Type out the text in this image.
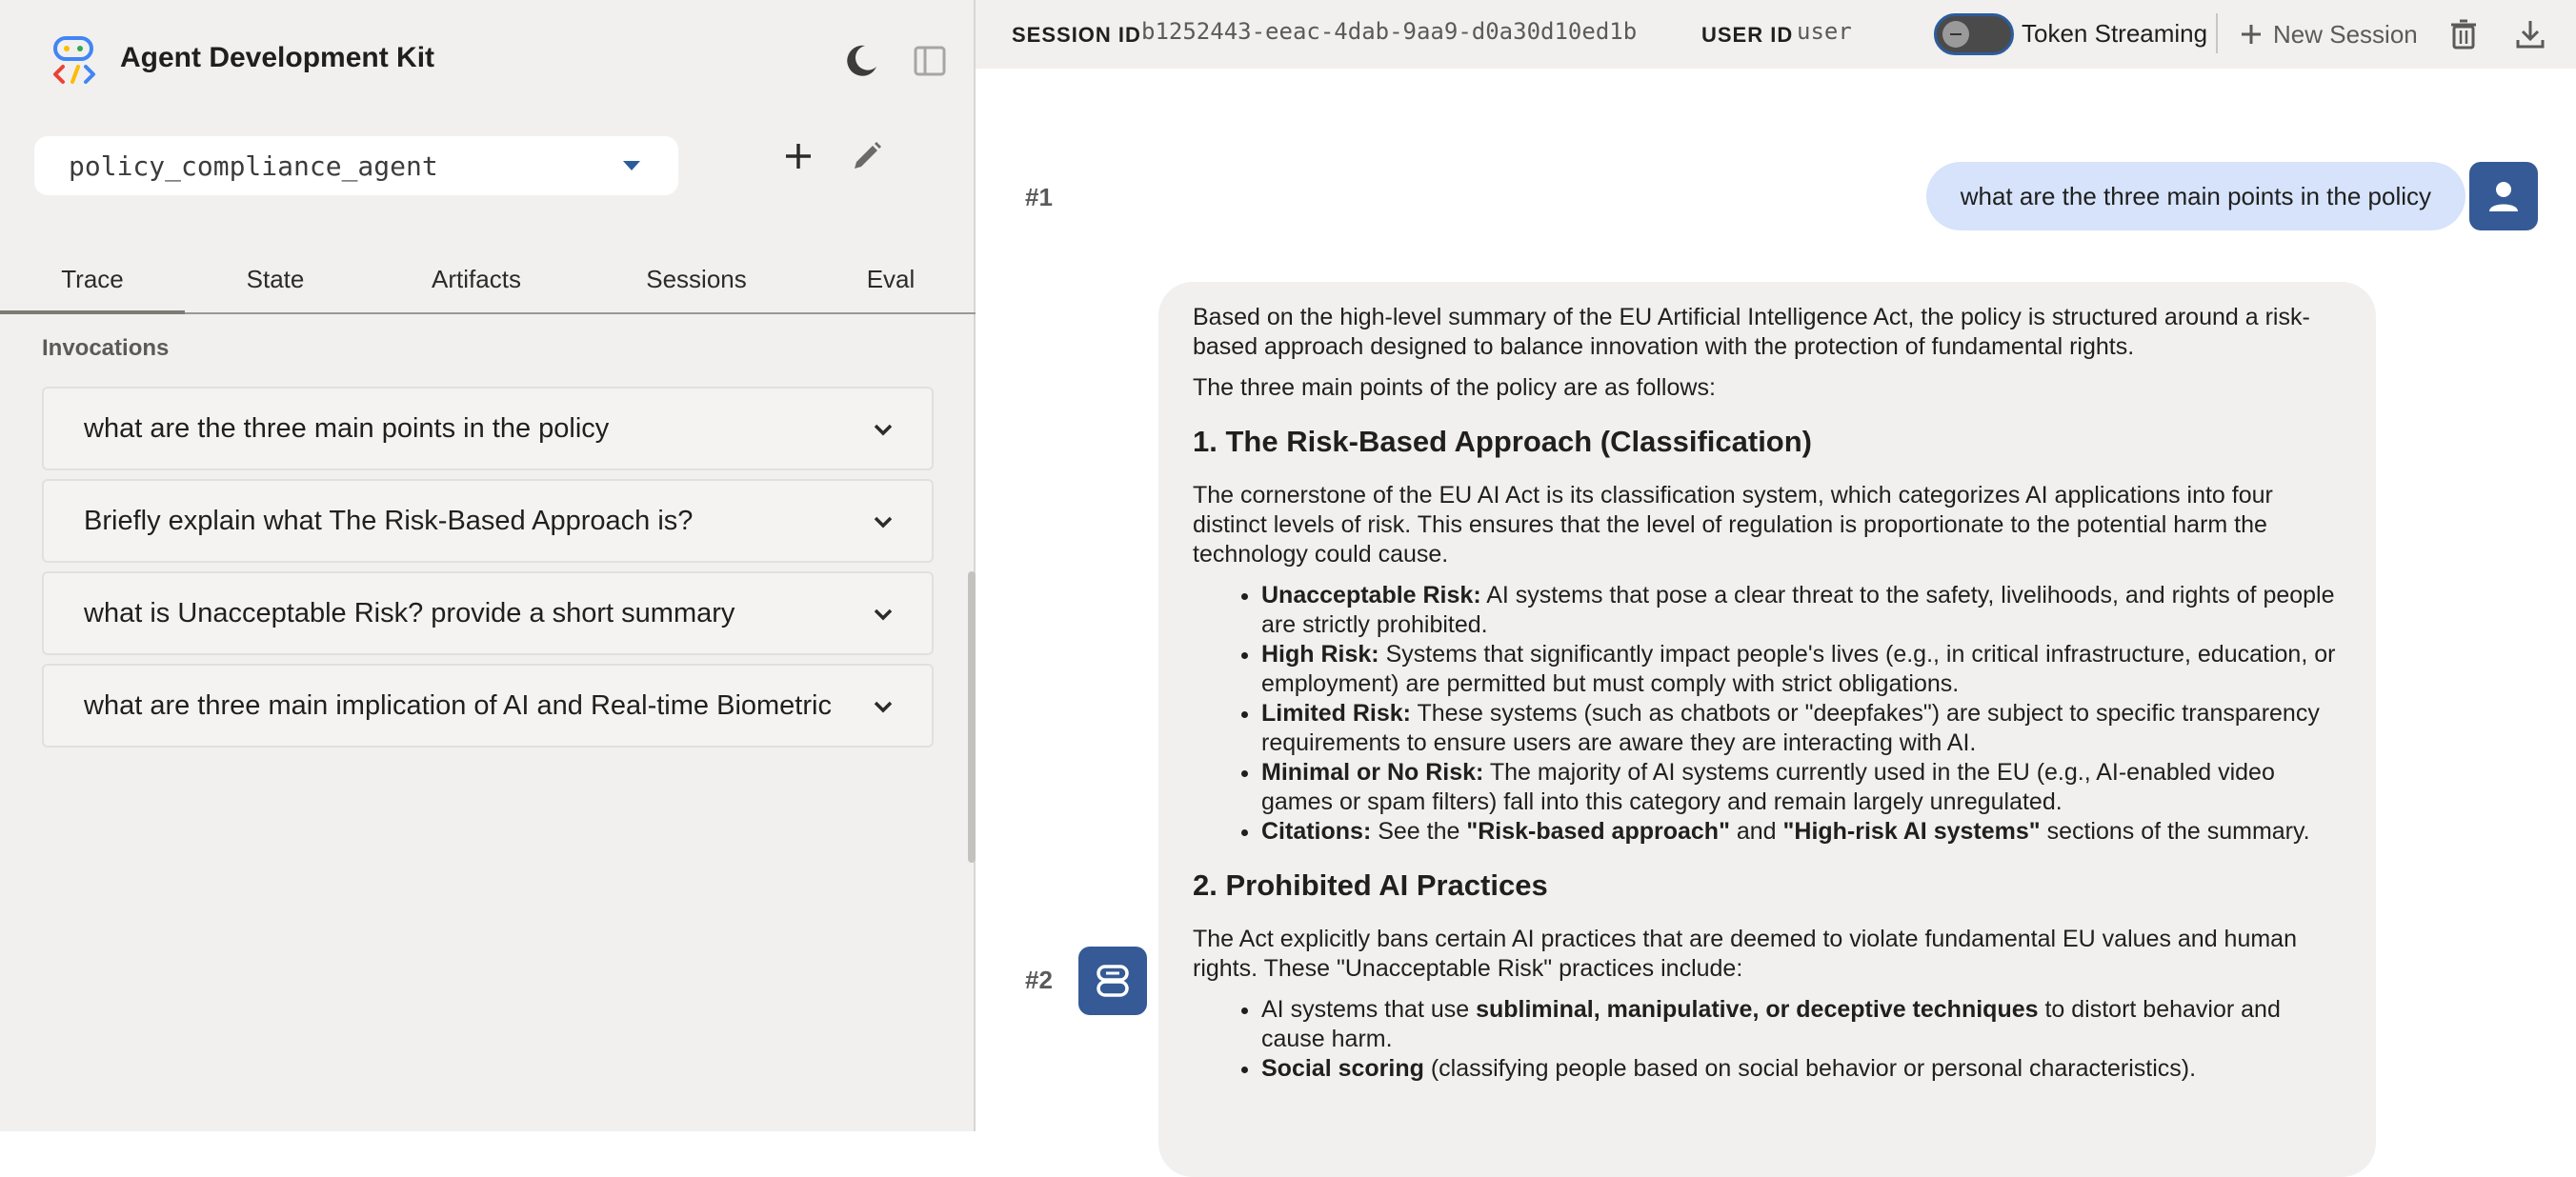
Agent Development Kit
policy_compliance_agent
Trace	State	Artifacts	Sessions	Eval
Invocations
what are the three main points in the policy
Briefly explain what The Risk-Based Approach is?
what is Unacceptable Risk? provide a short summary
what are three main implication of AI and Real-time Biometric
SESSION ID b1252443-eeac-4dab-9aa9-d0a30d10ed1b	USER ID user	Token Streaming	New Session
#1	what are the three main points in the policy

Based on the high-level summary of the EU Artificial Intelligence Act, the policy is structured around a risk-based approach designed to balance innovation with the protection of fundamental rights.

The three main points of the policy are as follows:

1. The Risk-Based Approach (Classification)

The cornerstone of the EU AI Act is its classification system, which categorizes AI applications into four distinct levels of risk. This ensures that the level of regulation is proportionate to the potential harm the technology could cause.

• Unacceptable Risk: AI systems that pose a clear threat to the safety, livelihoods, and rights of people are strictly prohibited.
• High Risk: Systems that significantly impact people's lives (e.g., in critical infrastructure, education, or employment) are permitted but must comply with strict obligations.
• Limited Risk: These systems (such as chatbots or "deepfakes") are subject to specific transparency requirements to ensure users are aware they are interacting with AI.
• Minimal or No Risk: The majority of AI systems currently used in the EU (e.g., AI-enabled video games or spam filters) fall into this category and remain largely unregulated.
• Citations: See the "Risk-based approach" and "High-risk AI systems" sections of the summary.
2. Prohibited AI Practices

The Act explicitly bans certain AI practices that are deemed to violate fundamental EU values and human rights. These "Unacceptable Risk" practices include:

• AI systems that use subliminal, manipulative, or deceptive techniques to distort behavior and cause harm.
• Social scoring (classifying people based on social behavior or personal characteristics).
#2
